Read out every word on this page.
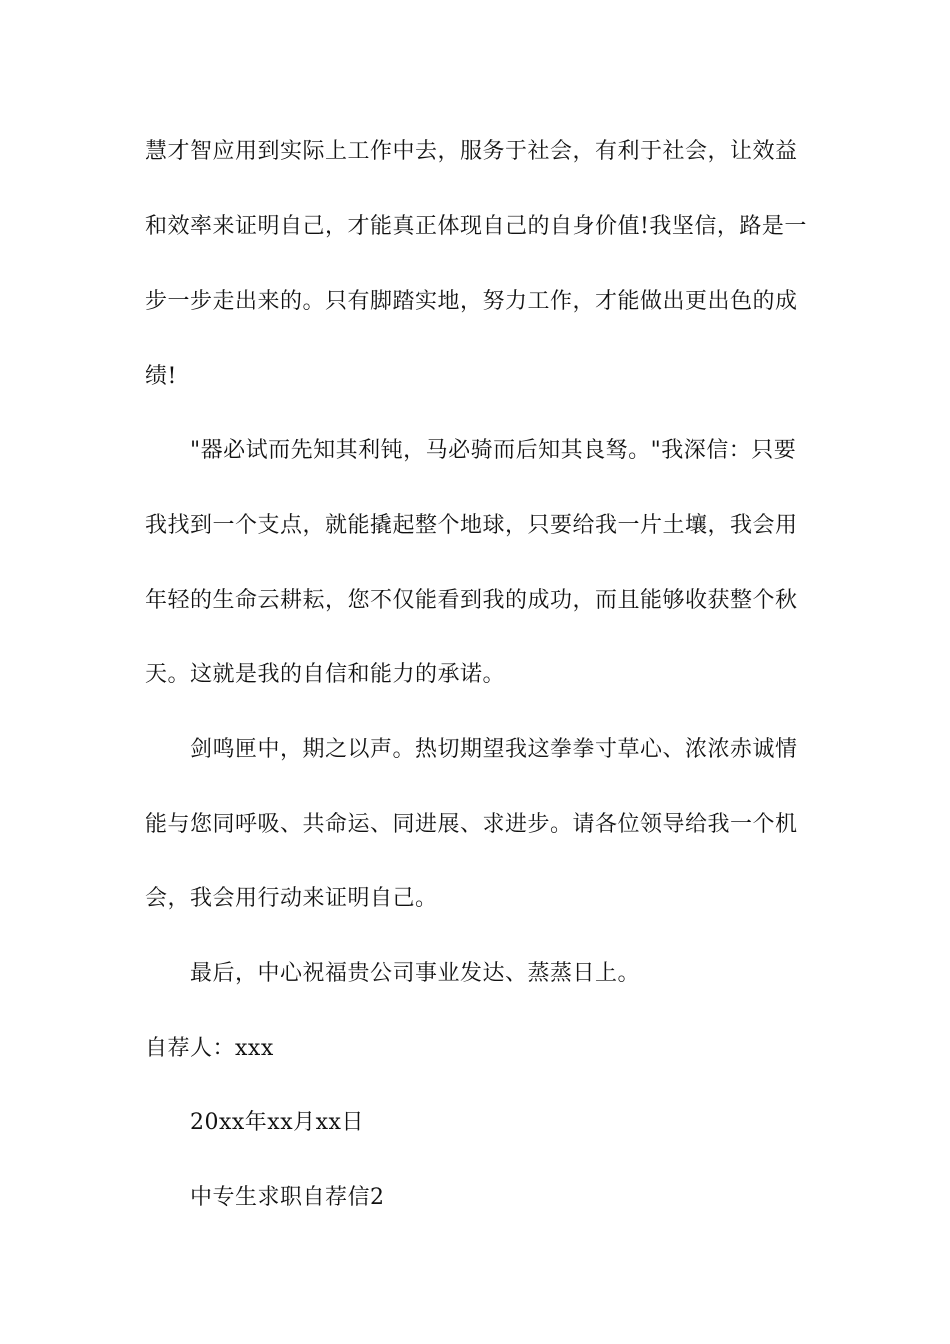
慧才智应用到实际上工作中去，服务于社会，有利于社会，让效益
和效率来证明自己，才能真正体现自己的自身价值!我坚信，路是一
步一步走出来的。只有脚踏实地，努力工作，才能做出更出色的成
绩!
"器必试而先知其利钝，马必骑而后知其良驽。"我深信：只要
我找到一个支点，就能撬起整个地球，只要给我一片土壤，我会用
年轻的生命云耕耘，您不仅能看到我的成功，而且能够收获整个秋
天。这就是我的自信和能力的承诺。
剑鸣匣中，期之以声。热切期望我这拳拳寸草心、浓浓赤诚情
能与您同呼吸、共命运、同进展、求进步。请各位领导给我一个机
会，我会用行动来证明自己。
最后，中心祝福贵公司事业发达、蒸蒸日上。
自荐人：xxx
20xx年xx月xx日
中专生求职自荐信2
